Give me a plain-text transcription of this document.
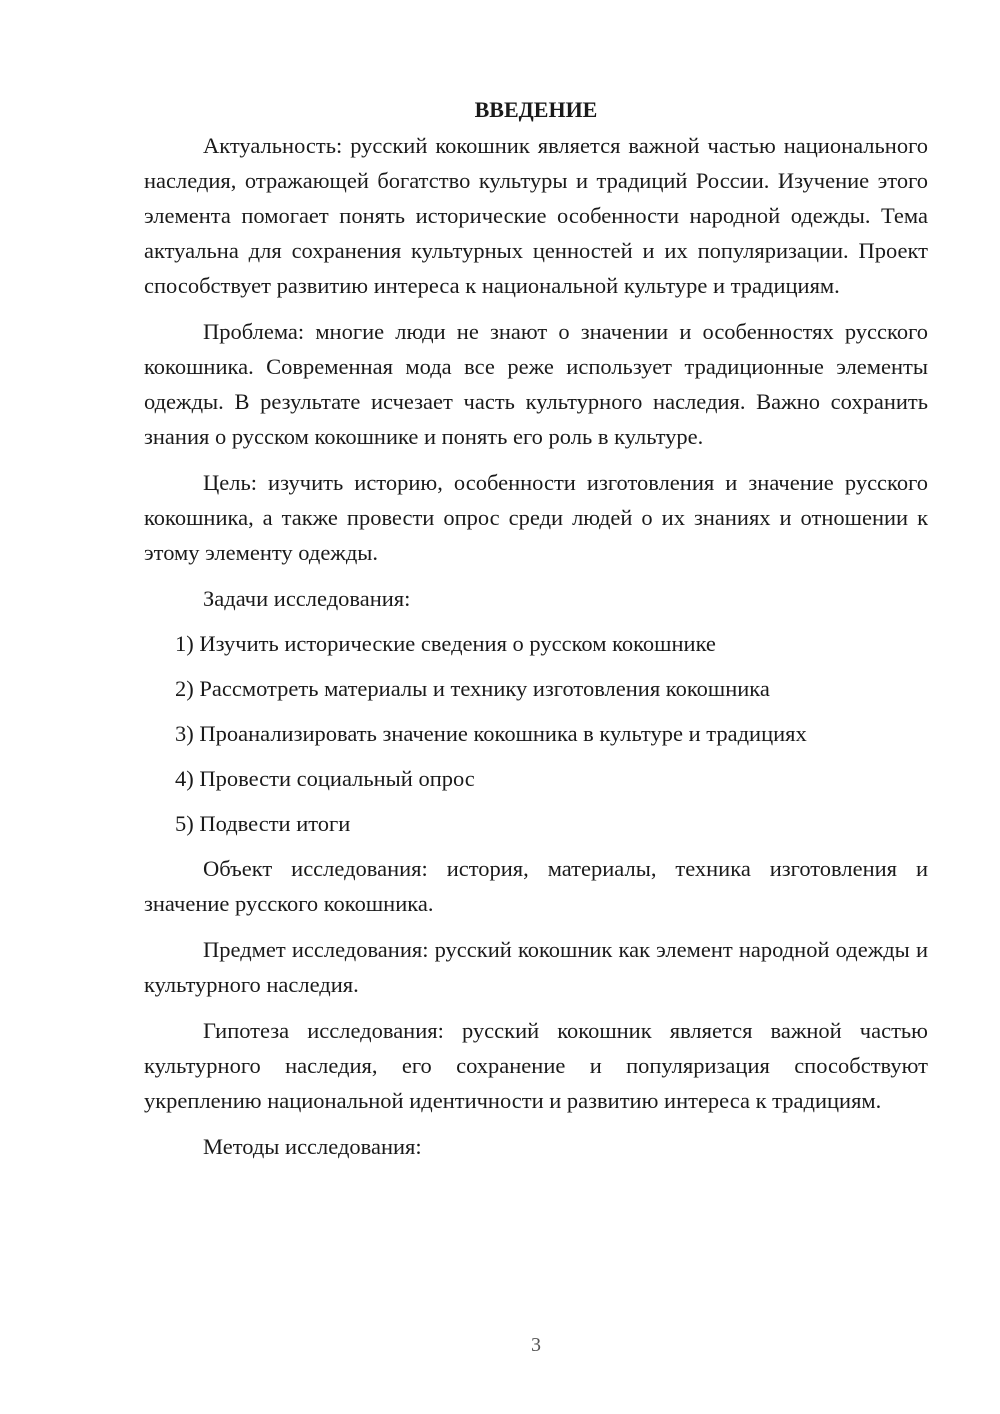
ВВЕДЕНИЕ

Актуальность: русский кокошник является важной частью национального наследия, отражающей богатство культуры и традиций России. Изучение этого элемента помогает понять исторические особенности народной одежды. Тема актуальна для сохранения культурных ценностей и их популяризации. Проект способствует развитию интереса к национальной культуре и традициям.

Проблема: многие люди не знают о значении и особенностях русского кокошника. Современная мода все реже использует традиционные элементы одежды. В результате исчезает часть культурного наследия. Важно сохранить знания о русском кокошнике и понять его роль в культуре.

Цель: изучить историю, особенности изготовления и значение русского кокошника, а также провести опрос среди людей о их знаниях и отношении к этому элементу одежды.

Задачи исследования:

1) Изучить исторические сведения о русском кокошнике
2) Рассмотреть материалы и технику изготовления кокошника
3) Проанализировать значение кокошника в культуре и традициях
4) Провести социальный опрос
5) Подвести итоги

Объект исследования: история, материалы, техника изготовления и значение русского кокошника.

Предмет исследования: русский кокошник как элемент народной одежды и культурного наследия.

Гипотеза исследования: русский кокошник является важной частью культурного наследия, его сохранение и популяризация способствуют укреплению национальной идентичности и развитию интереса к традициям.

Методы исследования:

3
